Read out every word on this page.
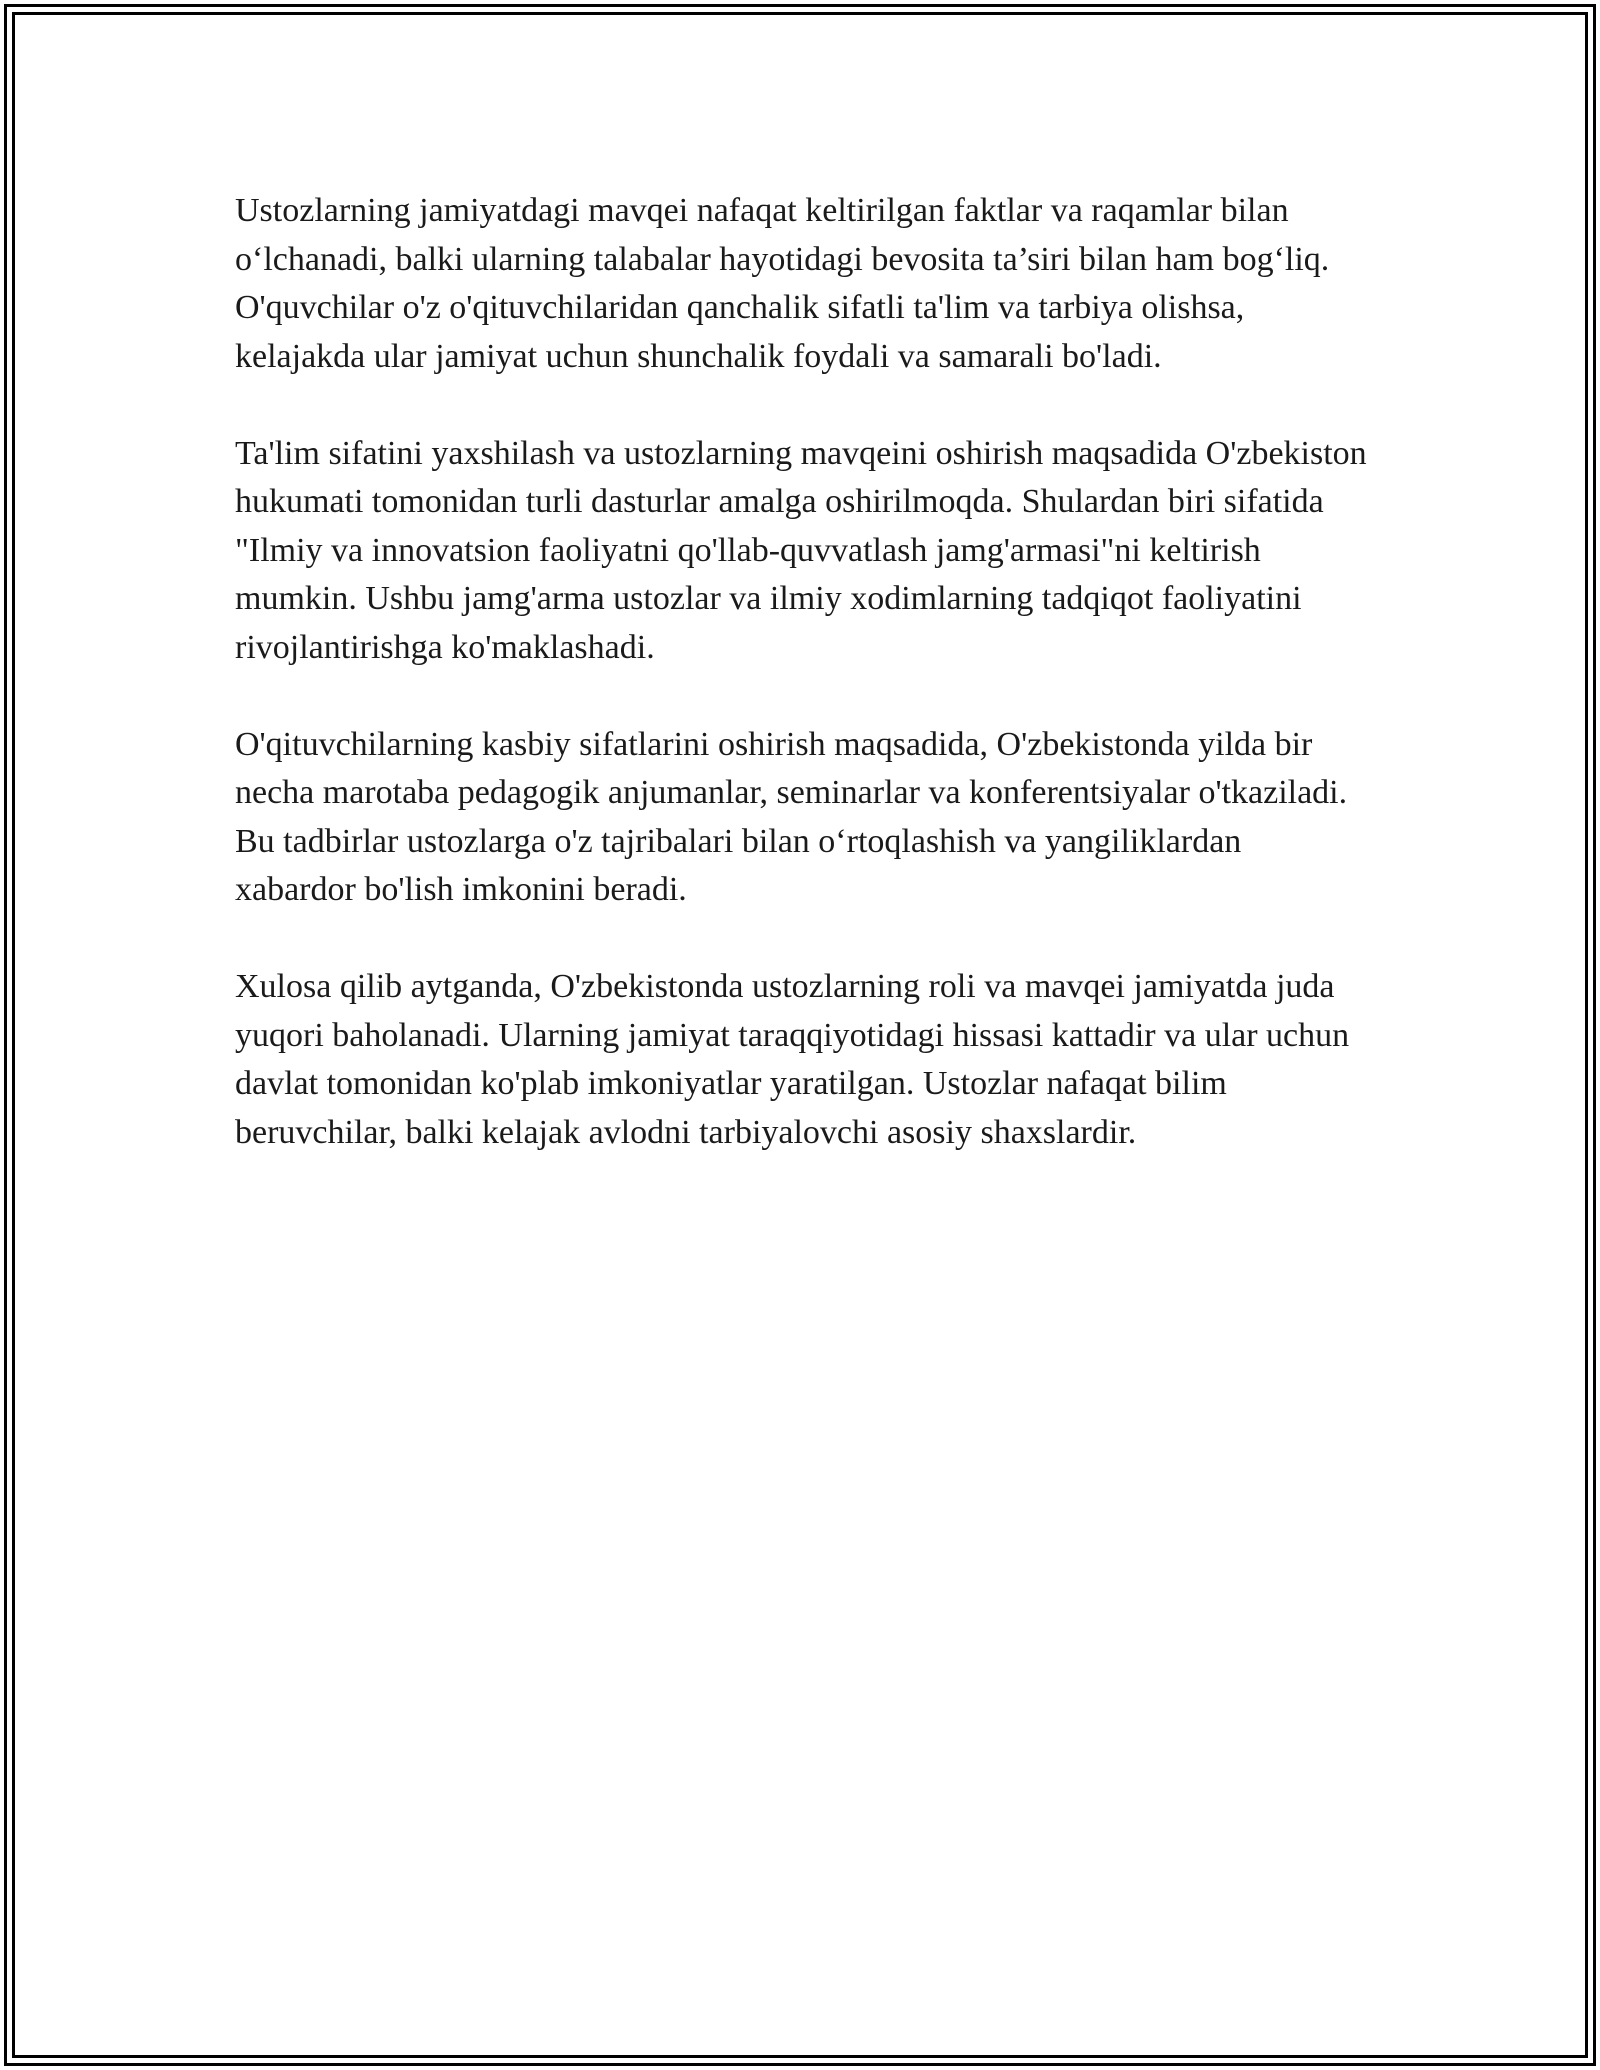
Ustozlarning jamiyatdagi mavqei nafaqat keltirilgan faktlar va raqamlar bilan o‘lchanadi, balki ularning talabalar hayotidagi bevosita ta’siri bilan ham bog‘liq. O'quvchilar o'z o'qituvchilaridan qanchalik sifatli ta'lim va tarbiya olishsa, kelajakda ular jamiyat uchun shunchalik foydali va samarali bo'ladi.

Ta'lim sifatini yaxshilash va ustozlarning mavqeini oshirish maqsadida O'zbekiston hukumati tomonidan turli dasturlar amalga oshirilmoqda. Shulardan biri sifatida "Ilmiy va innovatsion faoliyatni qo'llab-quvvatlash jamg'armasi"ni keltirish mumkin. Ushbu jamg'arma ustozlar va ilmiy xodimlarning tadqiqot faoliyatini rivojlantirishga ko'maklashadi.

O'qituvchilarning kasbiy sifatlarini oshirish maqsadida, O'zbekistonda yilda bir necha marotaba pedagogik anjumanlar, seminarlar va konferentsiyalar o'tkaziladi. Bu tadbirlar ustozlarga o'z tajribalari bilan o‘rtoqlashish va yangiliklardan xabardor bo'lish imkonini beradi.

Xulosa qilib aytganda, O'zbekistonda ustozlarning roli va mavqei jamiyatda juda yuqori baholanadi. Ularning jamiyat taraqqiyotidagi hissasi kattadir va ular uchun davlat tomonidan ko'plab imkoniyatlar yaratilgan. Ustozlar nafaqat bilim beruvchilar, balki kelajak avlodni tarbiyalovchi asosiy shaxslardir.
